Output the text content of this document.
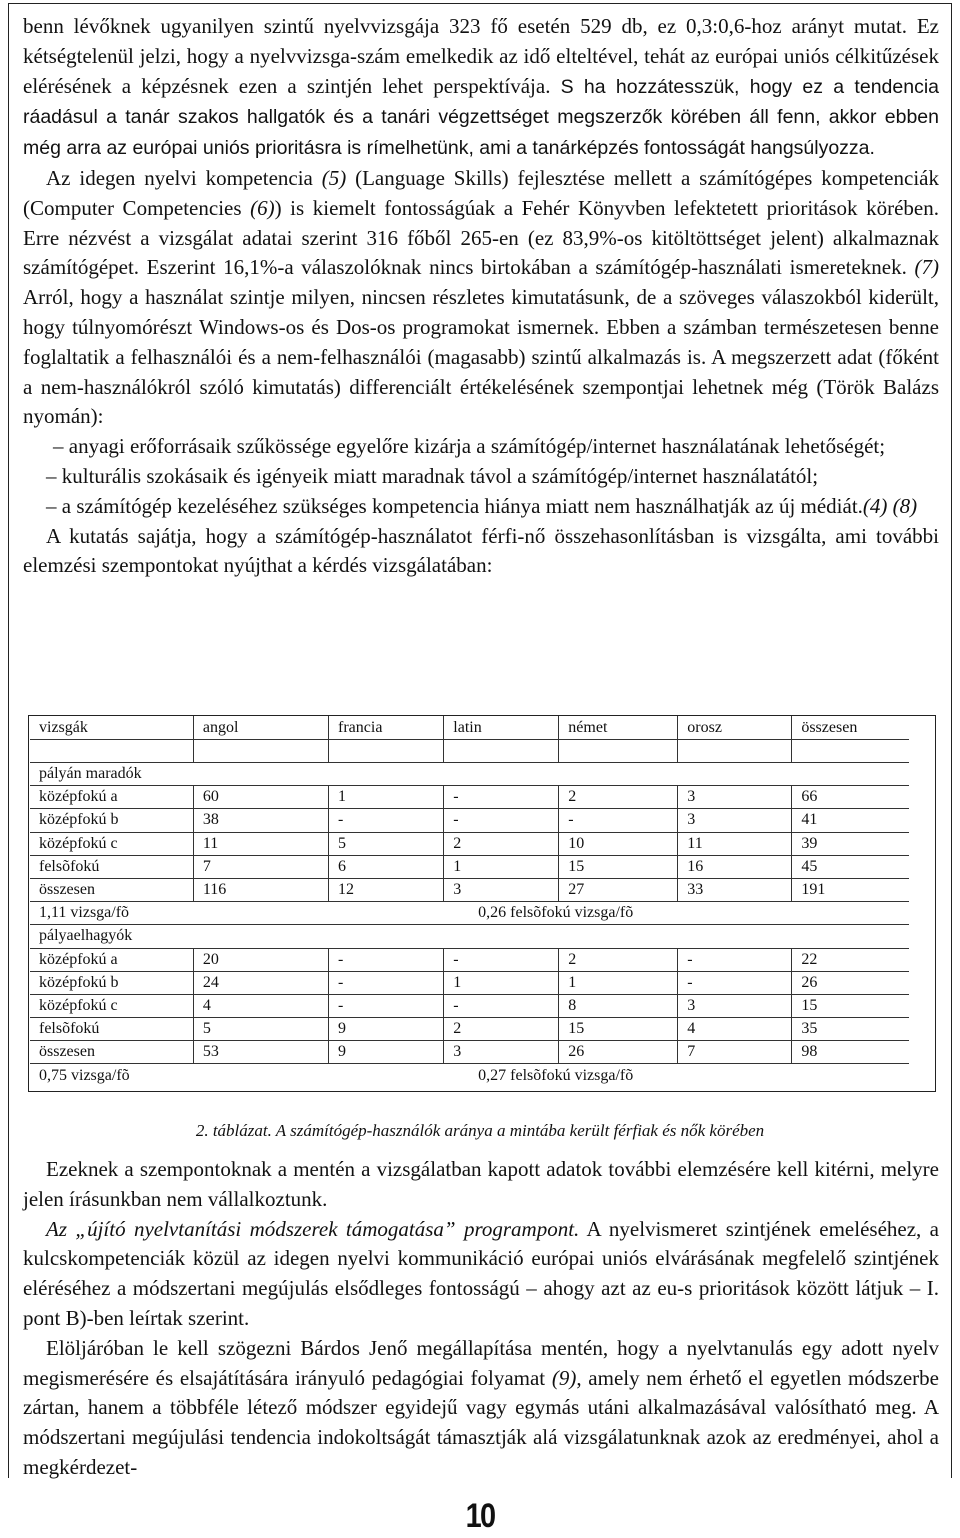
benn lévőknek ugyanilyen szintű nyelvvizsgája 323 fő esetén 529 db, ez 0,3:0,6-hoz arányt mutat. Ez kétségtelenül jelzi, hogy a nyelvvizsga-szám emelkedik az idő elteltével, tehát az európai uniós célkitűzések elérésének a képzésnek ezen a szintjén lehet perspektívája. S ha hozzátesszük, hogy ez a tendencia ráadásul a tanár szakos hallgatók és a tanári végzettséget megszerzők körében áll fenn, akkor ebben még arra az európai uniós prioritásra is rímelhetünk, ami a tanárképzés fontosságát hangsúlyozza.

Az idegen nyelvi kompetencia (5) (Language Skills) fejlesztése mellett a számítógépes kompetenciák (Computer Competencies (6)) is kiemelt fontosságúak a Fehér Könyvben lefektetett prioritások körében. Erre nézvést a vizsgálat adatai szerint 316 főből 265-en (ez 83,9%-os kitöltöttséget jelent) alkalmaznak számítógépet. Eszerint 16,1%-a válaszolóknak nincs birtokában a számítógép-használati ismereteknek. (7) Arról, hogy a használat szintje milyen, nincsen részletes kimutatásunk, de a szöveges válaszokból kiderült, hogy túlnyomórészt Windows-os és Dos-os programokat ismernek. Ebben a számban természetesen benne foglaltatik a felhasználói és a nem-felhasználói (magasabb) szintű alkalmazás is. A megszerzett adat (főként a nem-használókról szóló kimutatás) differenciált értékelésének szempontjai lehetnek még (Török Balázs nyomán):

– anyagi erőforrásaik szűkössége egyelőre kizárja a számítógép/internet használatának lehetőségét;

– kulturális szokásaik és igényeik miatt maradnak távol a számítógép/internet használatától;

– a számítógép kezeléséhez szükséges kompetencia hiánya miatt nem használhatják az új médiát.(4) (8)

A kutatás sajátja, hogy a számítógép-használatot férfi-nő összehasonlításban is vizsgálta, ami további elemzési szempontokat nyújthat a kérdés vizsgálatában:

vizsgák	angol	francia	latin	német	orosz	összesen

pályán maradók						
középfokú a	60	1	-	2	3	66
középfokú b	38	-	-	-	3	41
középfokú c	11	5	2	10	11	39
felsõfokú	7	6	1	15	16	45
összesen	116	12	3	27	33	191
1,11 vizsga/fõ	0,26 felsõfokú vizsga/fõ					
pályaelhagyók						
középfokú a	20	-	-	2	-	22
középfokú b	24	-	1	1	-	26
középfokú c	4	-	-	8	3	15
felsõfokú	5	9	2	15	4	35
összesen	53	9	3	26	7	98
0,75 vizsga/fõ	0,27 felsõfokú vizsga/fõ					
2. táblázat. A számítógép-használók aránya a mintába került férfiak és nők körében

Ezeknek a szempontoknak a mentén a vizsgálatban kapott adatok további elemzésére kell kitérni, melyre jelen írásunkban nem vállalkoztunk.

Az „újító nyelvtanítási módszerek támogatása” programpont. A nyelvismeret szintjének emeléséhez, a kulcskompetenciák közül az idegen nyelvi kommunikáció európai uniós elvárásának megfelelő szintjének eléréséhez a módszertani megújulás elsődleges fontosságú – ahogy azt az eu-s prioritások között látjuk – I. pont B)-ben leírtak szerint.

Elöljáróban le kell szögezni Bárdos Jenő megállapítása mentén, hogy a nyelvtanulás egy adott nyelv megismerésére és elsajátítására irányuló pedagógiai folyamat (9), amely nem érhető el egyetlen módszerbe zártan, hanem a többféle létező módszer egyidejű vagy egymás utáni alkalmazásával valósítható meg. A módszertani megújulási tendencia indokoltságát támasztják alá vizsgálatunknak azok az eredményei, ahol a megkérdezet-

10
